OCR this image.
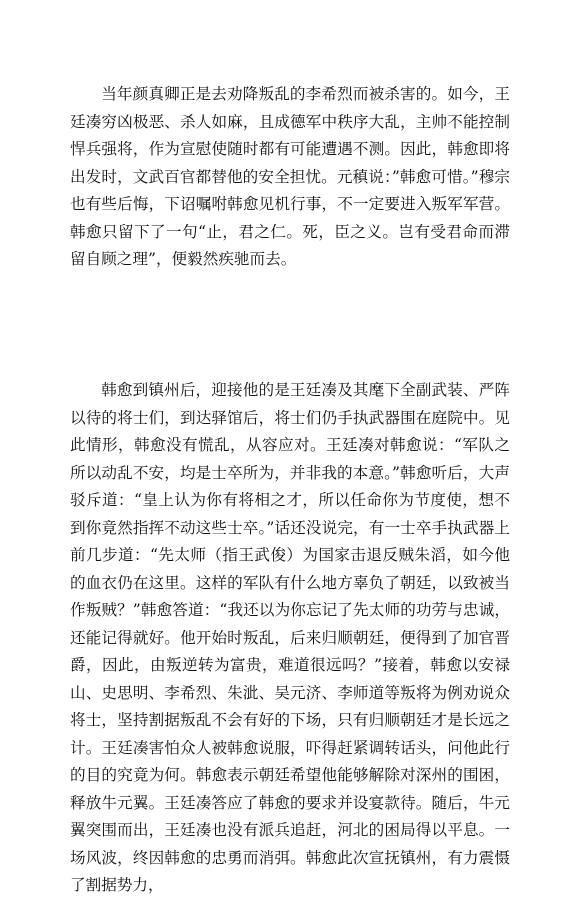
当年颜真卿正是去劝降叛乱的李希烈而被杀害的。如今，王廷凑穷凶极恶、杀人如麻，且成德军中秩序大乱，主帅不能控制悍兵强将，作为宣慰使随时都有可能遭遇不测。因此，韩愈即将出发时，文武百官都替他的安全担忧。元稹说：”韩愈可惜。”穆宗也有些后悔，下诏嘱咐韩愈见机行事，不一定要进入叛军军营。韩愈只留下了一句“止，君之仁。死，臣之义。岂有受君命而滞留自顾之理”，便毅然疾驰而去。

韩愈到镇州后，迎接他的是王廷凑及其麾下全副武装、严阵以待的将士们，到达驿馆后，将士们仍手执武器围在庭院中。见此情形，韩愈没有慌乱，从容应对。王廷凑对韩愈说：“军队之所以动乱不安，均是士卒所为，并非我的本意。”韩愈听后，大声驳斥道：“皇上认为你有将相之才，所以任命你为节度使，想不到你竟然指挥不动这些士卒。”话还没说完，有一士卒手执武器上前几步道：“先太师（指王武俊）为国家击退反贼朱滔，如今他的血衣仍在这里。这样的军队有什么地方辜负了朝廷，以致被当作叛贼？”韩愈答道：“我还以为你忘记了先太师的功劳与忠诚，还能记得就好。他开始时叛乱，后来归顺朝廷，便得到了加官晋爵，因此，由叛逆转为富贵，难道很远吗？”接着，韩愈以安禄山、史思明、李希烈、朱泚、吴元济、李师道等叛将为例劝说众将士，坚持割据叛乱不会有好的下场，只有归顺朝廷才是长远之计。王廷凑害怕众人被韩愈说服，吓得赶紧调转话头，问他此行的目的究竟为何。韩愈表示朝廷希望他能够解除对深州的围困，释放牛元翼。王廷凑答应了韩愈的要求并设宴款待。随后，牛元翼突围而出，王廷凑也没有派兵追赶，河北的困局得以平息。一场风波，终因韩愈的忠勇而消弭。韩愈此次宣抚镇州，有力震慑了割据势力，
